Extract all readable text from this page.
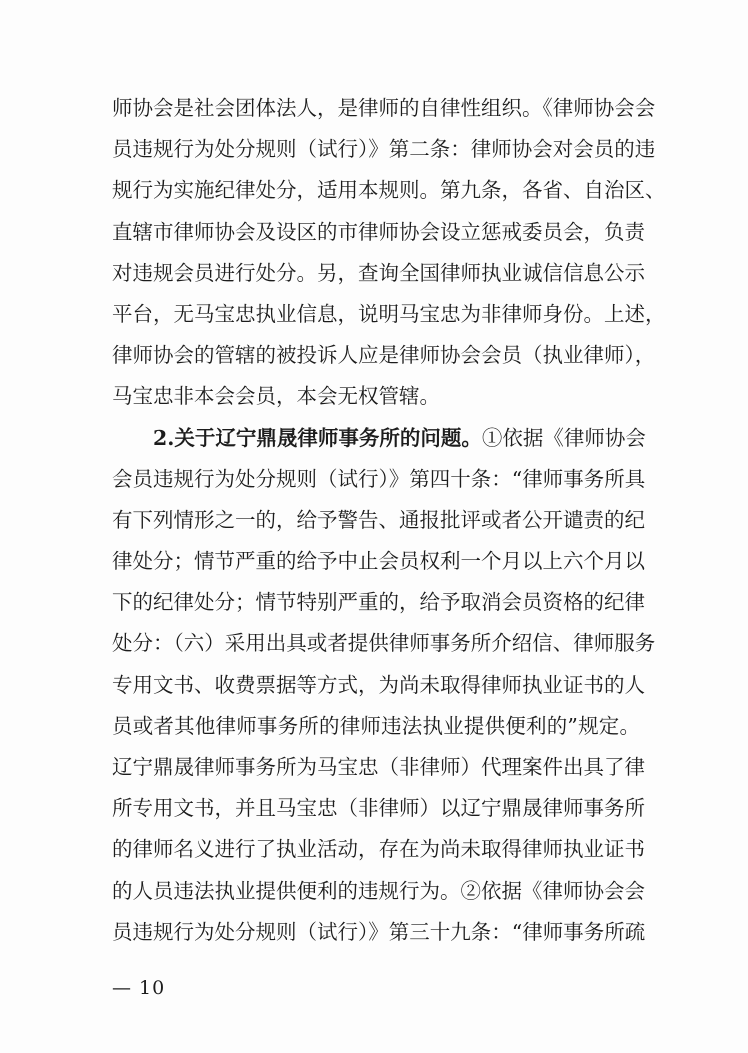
师协会是社会团体法人，是律师的自律性组织。《律师协会会
员违规行为处分规则（试行）》第二条：律师协会对会员的违
规行为实施纪律处分，适用本规则。第九条，各省、自治区、
直辖市律师协会及设区的市律师协会设立惩戒委员会，负责
对违规会员进行处分。另，查询全国律师执业诚信信息公示
平台，无马宝忠执业信息，说明马宝忠为非律师身份。上述，
律师协会的管辖的被投诉人应是律师协会会员（执业律师），
马宝忠非本会会员，本会无权管辖。
2.关于辽宁鼎晟律师事务所的问题。①依据《律师协会
会员违规行为处分规则（试行）》第四十条：“律师事务所具
有下列情形之一的，给予警告、通报批评或者公开谴责的纪
律处分；情节严重的给予中止会员权利一个月以上六个月以
下的纪律处分；情节特别严重的，给予取消会员资格的纪律
处分：（六）采用出具或者提供律师事务所介绍信、律师服务
专用文书、收费票据等方式，为尚未取得律师执业证书的人
员或者其他律师事务所的律师违法执业提供便利的”规定。
辽宁鼎晟律师事务所为马宝忠（非律师）代理案件出具了律
所专用文书，并且马宝忠（非律师）以辽宁鼎晟律师事务所
的律师名义进行了执业活动，存在为尚未取得律师执业证书
的人员违法执业提供便利的违规行为。②依据《律师协会会
员违规行为处分规则（试行）》第三十九条：“律师事务所疏
— 10
